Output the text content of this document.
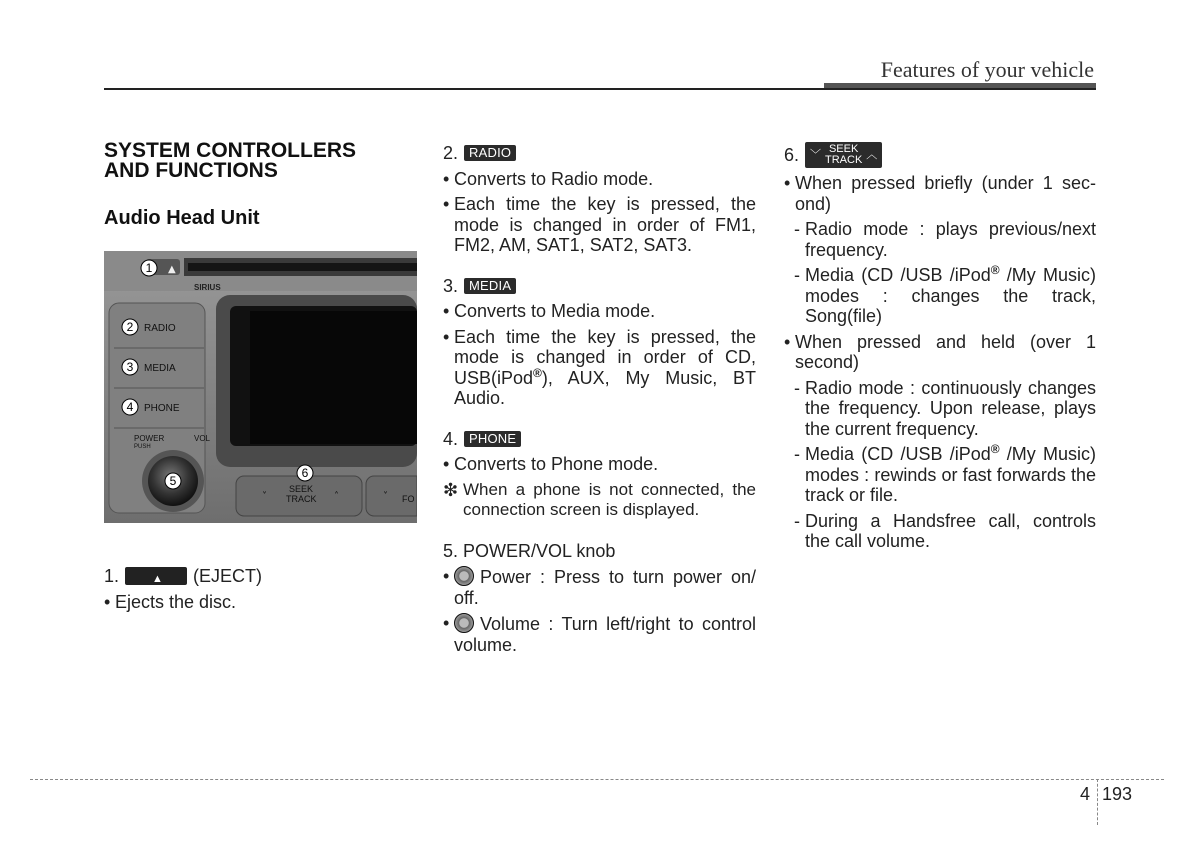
Features of your vehicle
SYSTEM CONTROLLERS AND FUNCTIONS
Audio Head Unit
▲
SIRIUS
RADIO
MEDIA
PHONE
POWER
PUSH
VOL
˅	˄
SEEK
TRACK	˅ FO
1
2
3
4
5
6
1.	▲ (EJECT)
• Ejects the disc.
2. RADIO
• Converts to Radio mode.
• Each time the key is pressed, the mode is changed in order of FM1, FM2, AM, SAT1, SAT2, SAT3.
3. MEDIA
• Converts to Media mode.
• Each time the key is pressed, the mode is changed in order of CD, USB(iPod®), AUX, My Music, BT Audio.
4. PHONE
• Converts to Phone mode.
❇ When a phone is not connected, the connection screen is displayed.
5. POWER/VOL knob
•	Power : Press to turn power on/ off.
•	Volume : Turn left/right to control volume.
6. ﹀ SEEK
TRACK ︿
• When pressed briefly (under 1 sec- ond)
- Radio mode : plays previous/next frequency.
- Media (CD /USB /iPod® /My Music) modes : changes the track, Song(file)
• When pressed and held (over 1 second)
- Radio mode : continuously changes the frequency. Upon release, plays the current frequency.
- Media (CD /USB /iPod® /My Music) modes : rewinds or fast forwards the track or file.
- During a Handsfree call, controls the call volume.
4 193
